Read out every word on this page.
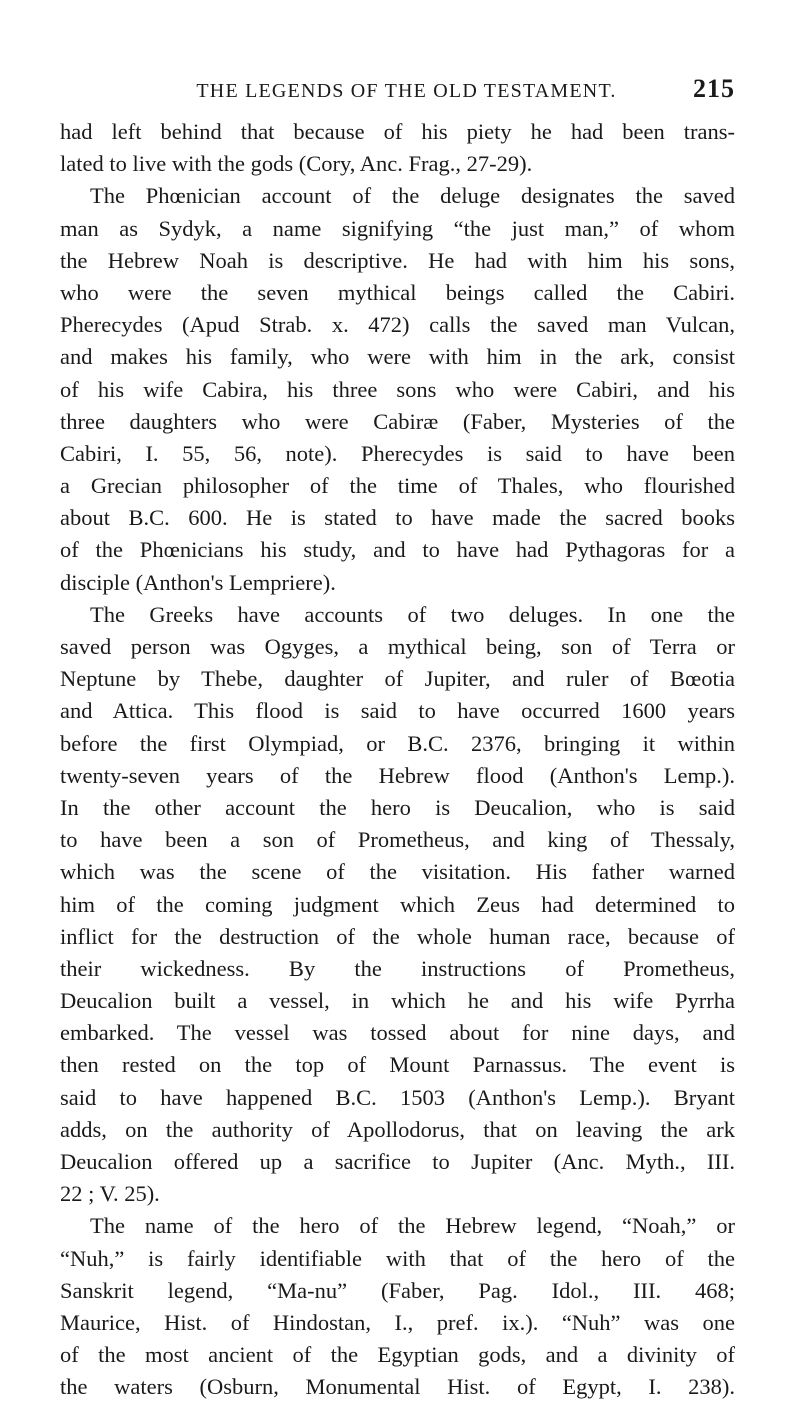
THE LEGENDS OF THE OLD TESTAMENT.	215
had left behind that because of his piety he had been trans-
lated to live with the gods (Cory, Anc. Frag., 27-29).
The Phœnician account of the deluge designates the saved
man as Sydyk, a name signifying “the just man,” of whom
the Hebrew Noah is descriptive. He had with him his sons,
who were the seven mythical beings called the Cabiri.
Pherecydes (Apud Strab. x. 472) calls the saved man Vulcan,
and makes his family, who were with him in the ark, consist
of his wife Cabira, his three sons who were Cabiri, and his
three daughters who were Cabiræ (Faber, Mysteries of the
Cabiri, I. 55, 56, note). Pherecydes is said to have been
a Grecian philosopher of the time of Thales, who flourished
about B.C. 600. He is stated to have made the sacred books
of the Phœnicians his study, and to have had Pythagoras for a
disciple (Anthon's Lempriere).
The Greeks have accounts of two deluges. In one the
saved person was Ogyges, a mythical being, son of Terra or
Neptune by Thebe, daughter of Jupiter, and ruler of Bœotia
and Attica. This flood is said to have occurred 1600 years
before the first Olympiad, or B.C. 2376, bringing it within
twenty-seven years of the Hebrew flood (Anthon's Lemp.).
In the other account the hero is Deucalion, who is said
to have been a son of Prometheus, and king of Thessaly,
which was the scene of the visitation. His father warned
him of the coming judgment which Zeus had determined to
inflict for the destruction of the whole human race, because of
their wickedness. By the instructions of Prometheus,
Deucalion built a vessel, in which he and his wife Pyrrha
embarked. The vessel was tossed about for nine days, and
then rested on the top of Mount Parnassus. The event is
said to have happened B.C. 1503 (Anthon's Lemp.). Bryant
adds, on the authority of Apollodorus, that on leaving the ark
Deucalion offered up a sacrifice to Jupiter (Anc. Myth., III.
22 ; V. 25).
The name of the hero of the Hebrew legend, “Noah,” or
“Nuh,” is fairly identifiable with that of the hero of the
Sanskrit legend, “Ma-nu” (Faber, Pag. Idol., III. 468;
Maurice, Hist. of Hindostan, I., pref. ix.). “Nuh” was one
of the most ancient of the Egyptian gods, and a divinity of
the waters (Osburn, Monumental Hist. of Egypt, I. 238).
